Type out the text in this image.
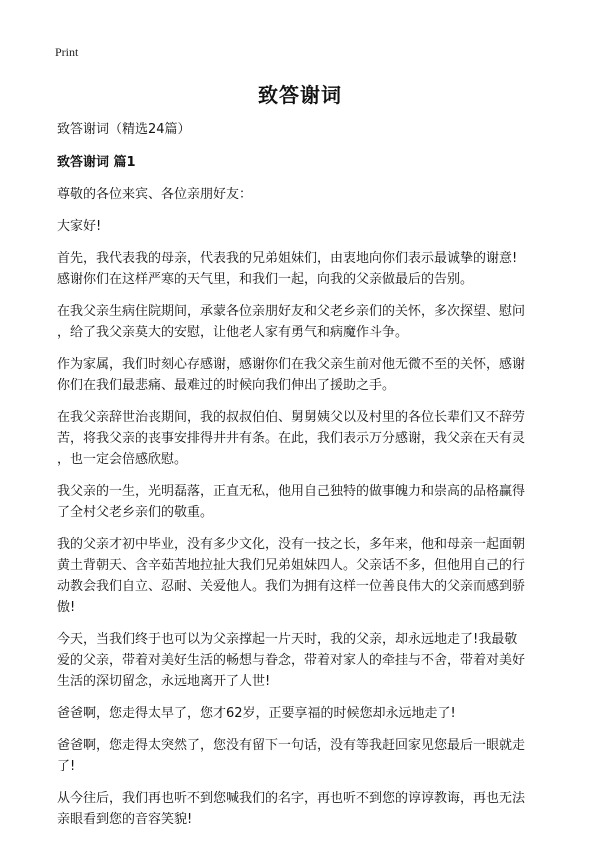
Print
致答谢词

致答谢词（精选24篇）

致答谢词 篇1

尊敬的各位来宾、各位亲朋好友：

大家好!

首先，我代表我的母亲，代表我的兄弟姐妹们，由衷地向你们表示最诚挚的谢意!

感谢你们在这样严寒的天气里，和我们一起，向我的父亲做最后的告别。

在我父亲生病住院期间，承蒙各位亲朋好友和父老乡亲们的关怀，多次探望、慰问

，给了我父亲莫大的安慰，让他老人家有勇气和病魔作斗争。

作为家属，我们时刻心存感谢，感谢你们在我父亲生前对他无微不至的关怀，感谢

你们在我们最悲痛、最难过的时候向我们伸出了援助之手。

在我父亲辞世治丧期间，我的叔叔伯伯、舅舅姨父以及村里的各位长辈们又不辞劳

苦，将我父亲的丧事安排得井井有条。在此，我们表示万分感谢，我父亲在天有灵

，也一定会倍感欣慰。

我父亲的一生，光明磊落，正直无私，他用自己独特的做事魄力和崇高的品格赢得

了全村父老乡亲们的敬重。

我的父亲才初中毕业，没有多少文化，没有一技之长，多年来，他和母亲一起面朝

黄土背朝天、含辛茹苦地拉扯大我们兄弟姐妹四人。父亲话不多，但他用自己的行

动教会我们自立、忍耐、关爱他人。我们为拥有这样一位善良伟大的父亲而感到骄

傲!

今天，当我们终于也可以为父亲撑起一片天时，我的父亲，却永远地走了!我最敬

爱的父亲，带着对美好生活的畅想与眷念，带着对家人的牵挂与不舍，带着对美好

生活的深切留念，永远地离开了人世!

爸爸啊，您走得太早了，您才62岁，正要享福的时候您却永远地走了!

爸爸啊，您走得太突然了，您没有留下一句话，没有等我赶回家见您最后一眼就走

了!

从今往后，我们再也听不到您喊我们的名字，再也听不到您的谆谆教诲，再也无法

亲眼看到您的音容笑貌!
